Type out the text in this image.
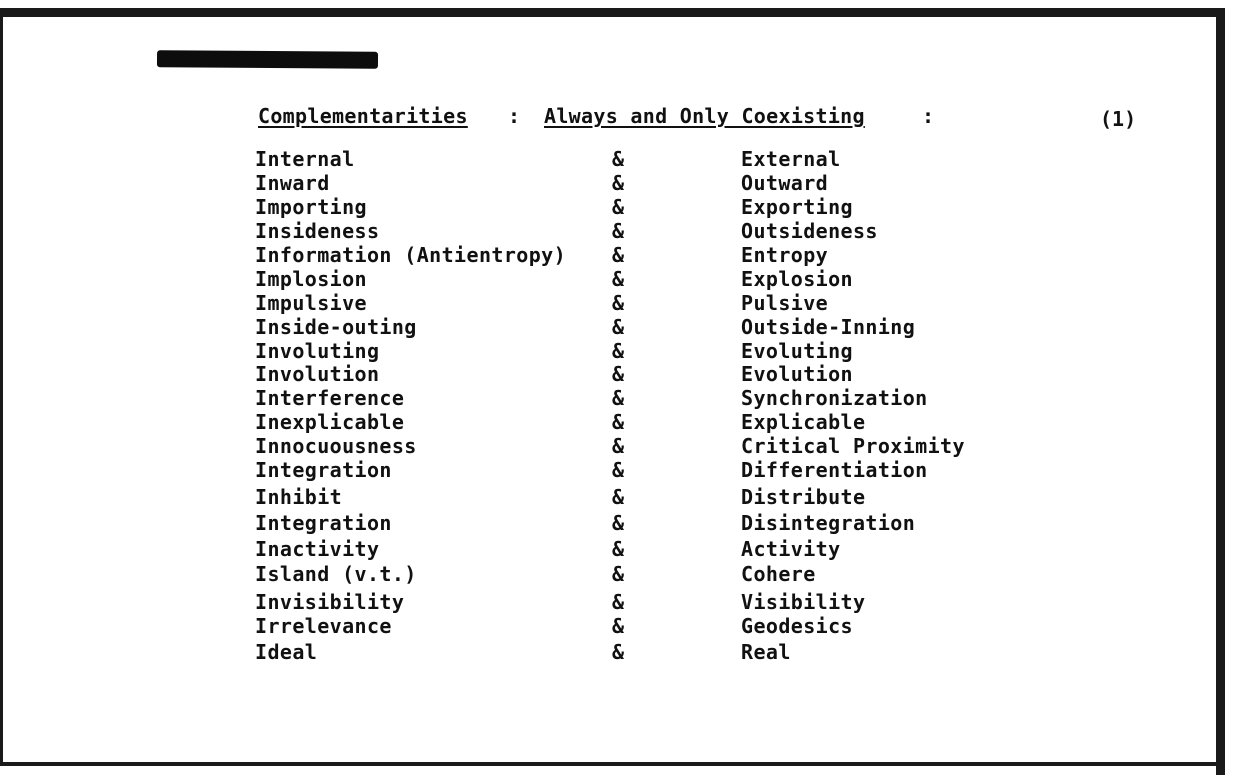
Complementarities : Always and Only Coexisting	:	(1)
Internal	&	External
Inward	&	Outward
Importing	&	Exporting
Insideness	&	Outsideness
Information (Antientropy) &	Entropy
Implosion	&	Explosion
Impulsive	&	Pulsive
Inside-outing	&	Outside-Inning
Involuting	&	Evoluting
Involution	&	Evolution
Interference	&	Synchronization
Inexplicable	&	Explicable
Innocuousness	&	Critical Proximity
Integration	&	Differentiation
Inhibit	&	Distribute
Integration	&	Disintegration
Inactivity	&	Activity
Island (v.t.)	&	Cohere
Invisibility	&	Visibility
Irrelevance	&	Geodesics
Ideal	&	Real
